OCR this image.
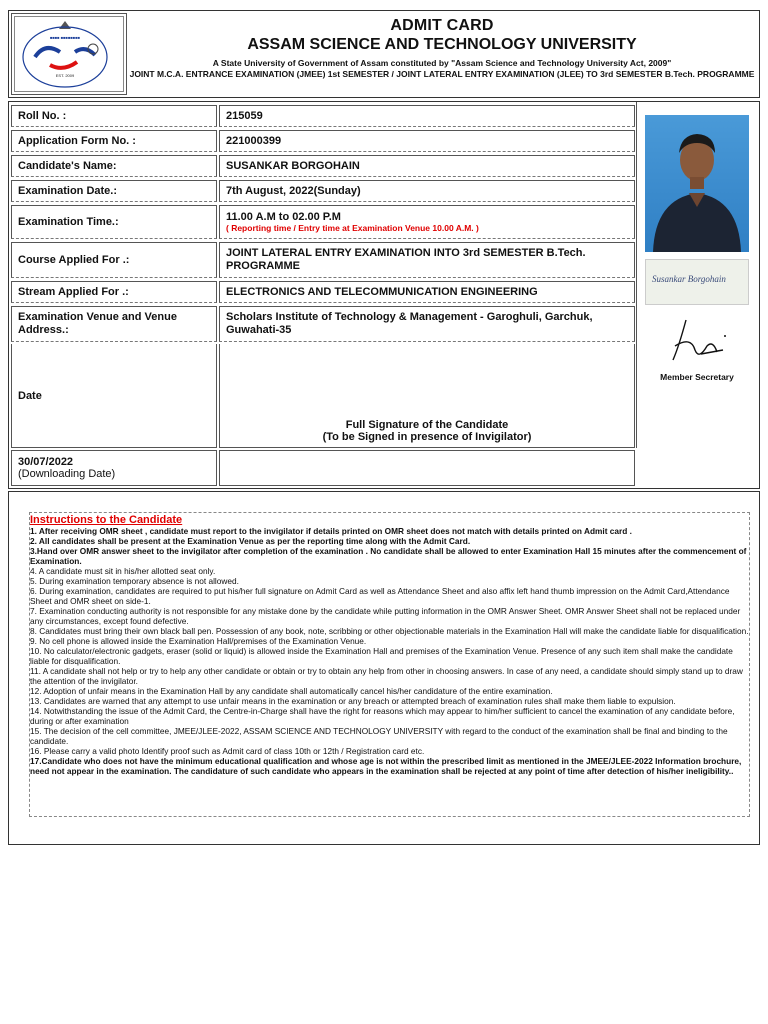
EST. 2009
■■■■ ■■■■■■■■
ADMIT CARD
ASSAM SCIENCE AND TECHNOLOGY UNIVERSITY
A State University of Government of Assam constituted by "Assam Science and Technology University Act, 2009"
JOINT M.C.A. ENTRANCE EXAMINATION (JMEE) 1st SEMESTER / JOINT LATERAL ENTRY EXAMINATION (JLEE) TO 3rd SEMESTER B.Tech. PROGRAMME
Roll No. :	215059
Application Form No. :	221000399
Candidate's Name:	SUSANKAR BORGOHAIN
Examination Date.:	7th August, 2022(Sunday)
Examination Time.:	11.00 A.M to 02.00 P.M
( Reporting time / Entry time at Examination Venue 10.00 A.M. )
Course Applied For .:
JOINT LATERAL ENTRY EXAMINATION INTO 3rd SEMESTER B.Tech. PROGRAMME
Stream Applied For .:	ELECTRONICS AND TELECOMMUNICATION ENGINEERING
Examination Venue and Venue Address.:
Scholars Institute of Technology & Management - Garoghuli, Garchuk, Guwahati-35
Date
Full Signature of the Candidate
(To be Signed in presence of Invigilator)
30/07/2022
(Downloading Date)
Susankar Borgohain
Member Secretary
Instructions to the Candidate
1. After receiving OMR sheet , candidate must report to the invigilator if details printed on OMR sheet does not match with details printed on Admit card .
2. All candidates shall be present at the Examination Venue as per the reporting time along with the Admit Card.
3.Hand over OMR answer sheet to the invigilator after completion of the examination . No candidate shall be allowed to enter Examination Hall 15 minutes after the commencement of Examination.
4. A candidate must sit in his/her allotted seat only.
5. During examination temporary absence is not allowed.
6. During examination, candidates are required to put his/her full signature on Admit Card as well as Attendance Sheet and also affix left hand thumb impression on the Admit Card,Attendance Sheet and OMR sheet on side-1.
7. Examination conducting authority is not responsible for any mistake done by the candidate while putting information in the OMR Answer Sheet. OMR Answer Sheet shall not be replaced under any circumstances, except found defective.
8. Candidates must bring their own black ball pen. Possession of any book, note, scribbing or other objectionable materials in the Examination Hall will make the candidate liable for disqualification.
9. No cell phone is allowed inside the Examination Hall/premises of the Examination Venue.
10. No calculator/electronic gadgets, eraser (solid or liquid) is allowed inside the Examination Hall and premises of the Examination Venue. Presence of any such item shall make the candidate liable for disqualification.
11. A candidate shall not help or try to help any other candidate or obtain or try to obtain any help from other in choosing answers. In case of any need, a candidate should simply stand up to draw the attention of the invigilator.
12. Adoption of unfair means in the Examination Hall by any candidate shall automatically cancel his/her candidature of the entire examination.
13. Candidates are warned that any attempt to use unfair means in the examination or any breach or attempted breach of examination rules shall make them liable to expulsion.
14. Notwithstanding the issue of the Admit Card, the Centre-in-Charge shall have the right for reasons which may appear to him/her sufficient to cancel the examination of any candidate before, during or after examination
15. The decision of the cell committee, JMEE/JLEE-2022, ASSAM SCIENCE AND TECHNOLOGY UNIVERSITY with regard to the conduct of the examination shall be final and binding to the candidate.
16. Please carry a valid photo Identify proof such as Admit card of class 10th or 12th / Registration card etc.
17.Candidate who does not have the minimum educational qualification and whose age is not within the prescribed limit as mentioned in the JMEE/JLEE-2022 Information brochure, need not appear in the examination. The candidature of such candidate who appears in the examination shall be rejected at any point of time after detection of his/her ineligibility..
